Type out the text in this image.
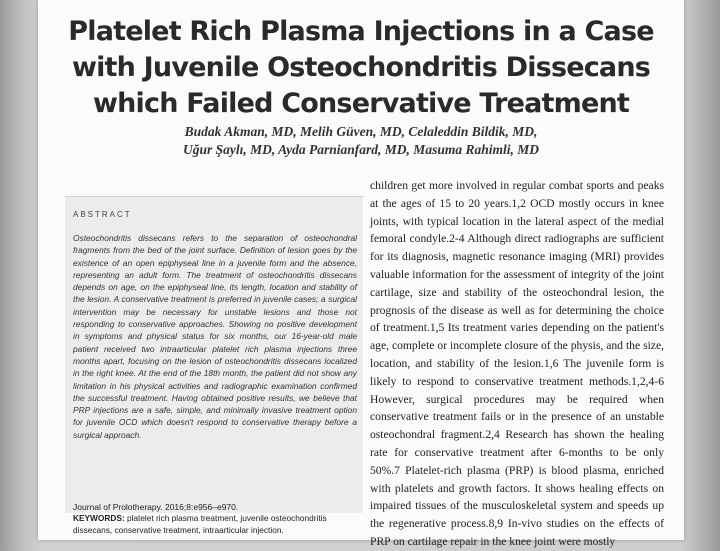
Platelet Rich Plasma Injections in a Case
with Juvenile Osteochondritis Dissecans
which Failed Conservative Treatment
Budak Akman, MD, Melih Güven, MD, Celaleddin Bildik, MD,
Uğur Şaylı, MD, Ayda Parnianfard, MD, Masuma Rahimli, MD
ABSTRACT
Osteochondritis dissecans refers to the separation of osteochondral fragments from the bed of the joint surface. Definition of lesion goes by the existence of an open epiphyseal line in a juvenile form and the absence, representing an adult form. The treatment of osteochondritis dissecans depends on age, on the epiphyseal line, its length, location and stability of the lesion. A conservative treatment is preferred in juvenile cases; a surgical intervention may be necessary for unstable lesions and those not responding to conservative approaches. Showing no positive development in symptoms and physical status for six months, our 16-year-old male patient received two intraarticular platelet rich plasma injections three months apart, focusing on the lesion of osteochondritis dissecans localized in the right knee. At the end of the 18th month, the patient did not show any limitation in his physical activities and radiographic examination confirmed the successful treatment. Having obtained positive results, we believe that PRP injections are a safe, simple, and minimally invasive treatment option for juvenile OCD which doesn't respond to conservative therapy before a surgical approach.
Journal of Prolotherapy. 2016;8:e956–e970.
KEYWORDS: platelet rich plasma treatment, juvenile osteochondritis dissecans, conservative treatment, intraarticular injection.
children get more involved in regular combat sports and peaks at the ages of 15 to 20 years.1,2 OCD mostly occurs in knee joints, with typical location in the lateral aspect of the medial femoral condyle.2-4 Although direct radiographs are sufficient for its diagnosis, magnetic resonance imaging (MRI) provides valuable information for the assessment of integrity of the joint cartilage, size and stability of the osteochondral lesion, the prognosis of the disease as well as for determining the choice of treatment.1,5 Its treatment varies depending on the patient's age, complete or incomplete closure of the physis, and the size, location, and stability of the lesion.1,6 The juvenile form is likely to respond to conservative treatment methods.1,2,4-6 However, surgical procedures may be required when conservative treatment fails or in the presence of an unstable osteochondral fragment.2,4 Research has shown the healing rate for conservative treatment after 6-months to be only 50%.7 Platelet-rich plasma (PRP) is blood plasma, enriched with platelets and growth factors. It shows healing effects on impaired tissues of the musculoskeletal system and speeds up the regenerative process.8,9 In-vivo studies on the effects of PRP on cartilage repair in the knee joint were mostly
